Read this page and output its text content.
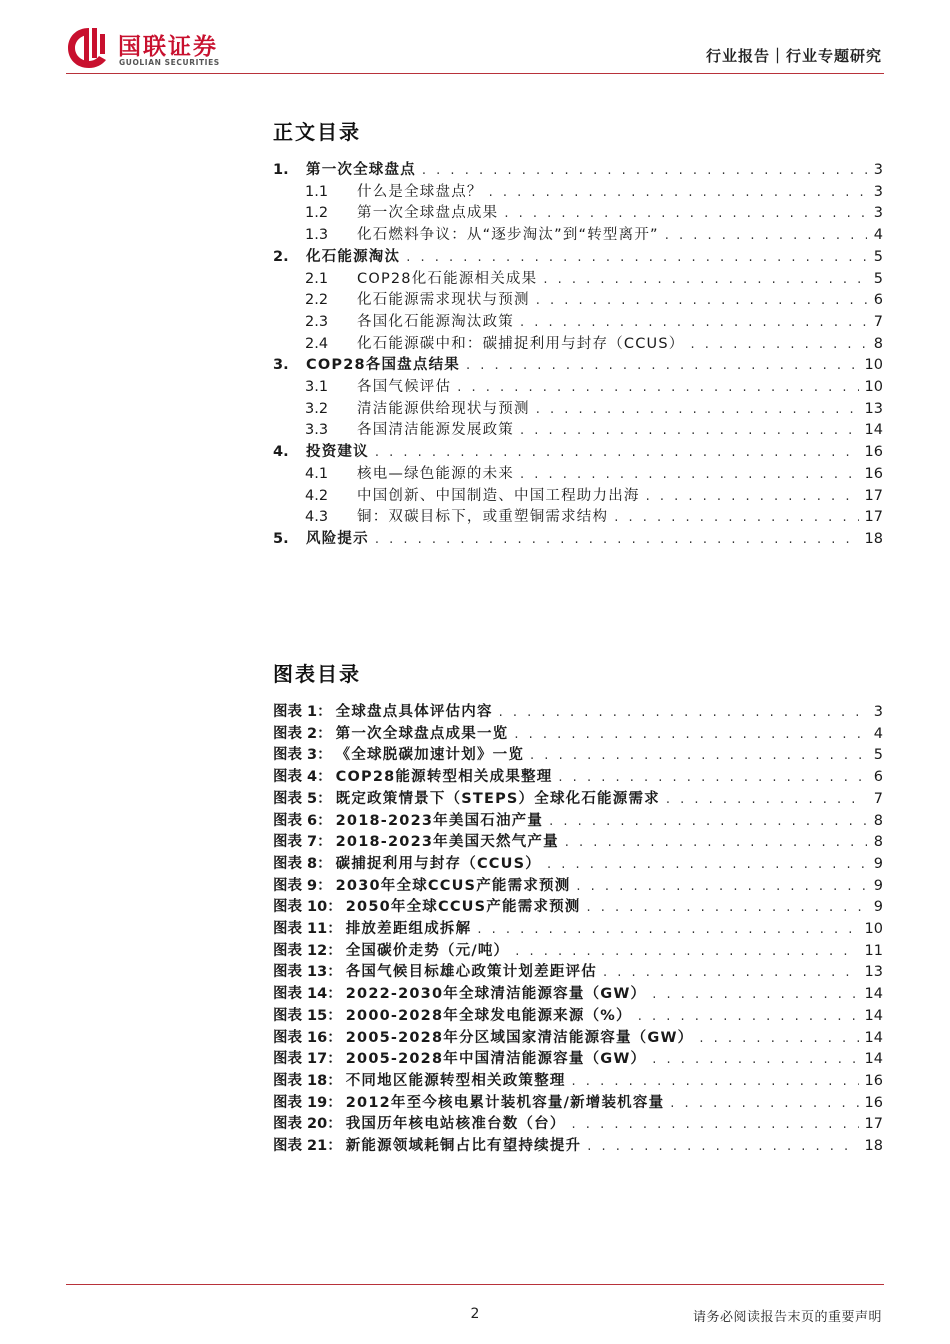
国联证券
GUOLIAN SECURITIES	行业报告｜行业专题研究
正文目录
1.	第一次全球盘点 . . .	3
1.1	什么是全球盘点？ . . .	3
1.2	第一次全球盘点成果 . . .	3
1.3	化石燃料争议：从“逐步淘汰”到“转型离开” . . .	4
2.	化石能源淘汰 . . .	5
2.1	COP28化石能源相关成果 . . .	5
2.2	化石能源需求现状与预测 . . .	6
2.3	各国化石能源淘汰政策 . . .	7
2.4	化石能源碳中和：碳捕捉利用与封存（CCUS） . . .	8
3.	COP28各国盘点结果 . . .	10
3.1	各国气候评估 . . .	10
3.2	清洁能源供给现状与预测 . . .	13
3.3	各国清洁能源发展政策 . . .	14
4.	投资建议 . . .	16
4.1	核电—绿色能源的未来 . . .	16
4.2	中国创新、中国制造、中国工程助力出海 . . .	17
4.3	铜：双碳目标下，或重塑铜需求结构 . . .	17
5.	风险提示 . . .	18
图表目录
图表 1： 全球盘点具体评估内容 . . .	3
图表 2： 第一次全球盘点成果一览 . . .	4
图表 3： 《全球脱碳加速计划》一览 . . .	5
图表 4： COP28能源转型相关成果整理 . . .	6
图表 5： 既定政策情景下（STEPS）全球化石能源需求 . . .	7
图表 6： 2018-2023年美国石油产量 . . .	8
图表 7： 2018-2023年美国天然气产量 . . .	8
图表 8： 碳捕捉利用与封存（CCUS） . . .	9
图表 9： 2030年全球CCUS产能需求预测 . . .	9
图表 10： 2050年全球CCUS产能需求预测 . . .	9
图表 11： 排放差距组成拆解 . . .	10
图表 12： 全国碳价走势（元/吨） . . .	11
图表 13： 各国气候目标雄心政策计划差距评估 . . .	13
图表 14： 2022-2030年全球清洁能源容量（GW） . . .	14
图表 15： 2000-2028年全球发电能源来源（%） . . .	14
图表 16： 2005-2028年分区域国家清洁能源容量（GW） . . .	14
图表 17： 2005-2028年中国清洁能源容量（GW） . . .	14
图表 18： 不同地区能源转型相关政策整理 . . .	16
图表 19： 2012年至今核电累计装机容量/新增装机容量 . . .	16
图表 20： 我国历年核电站核准台数（台） . . .	17
图表 21： 新能源领域耗铜占比有望持续提升 . . .	18
2	请务必阅读报告末页的重要声明
